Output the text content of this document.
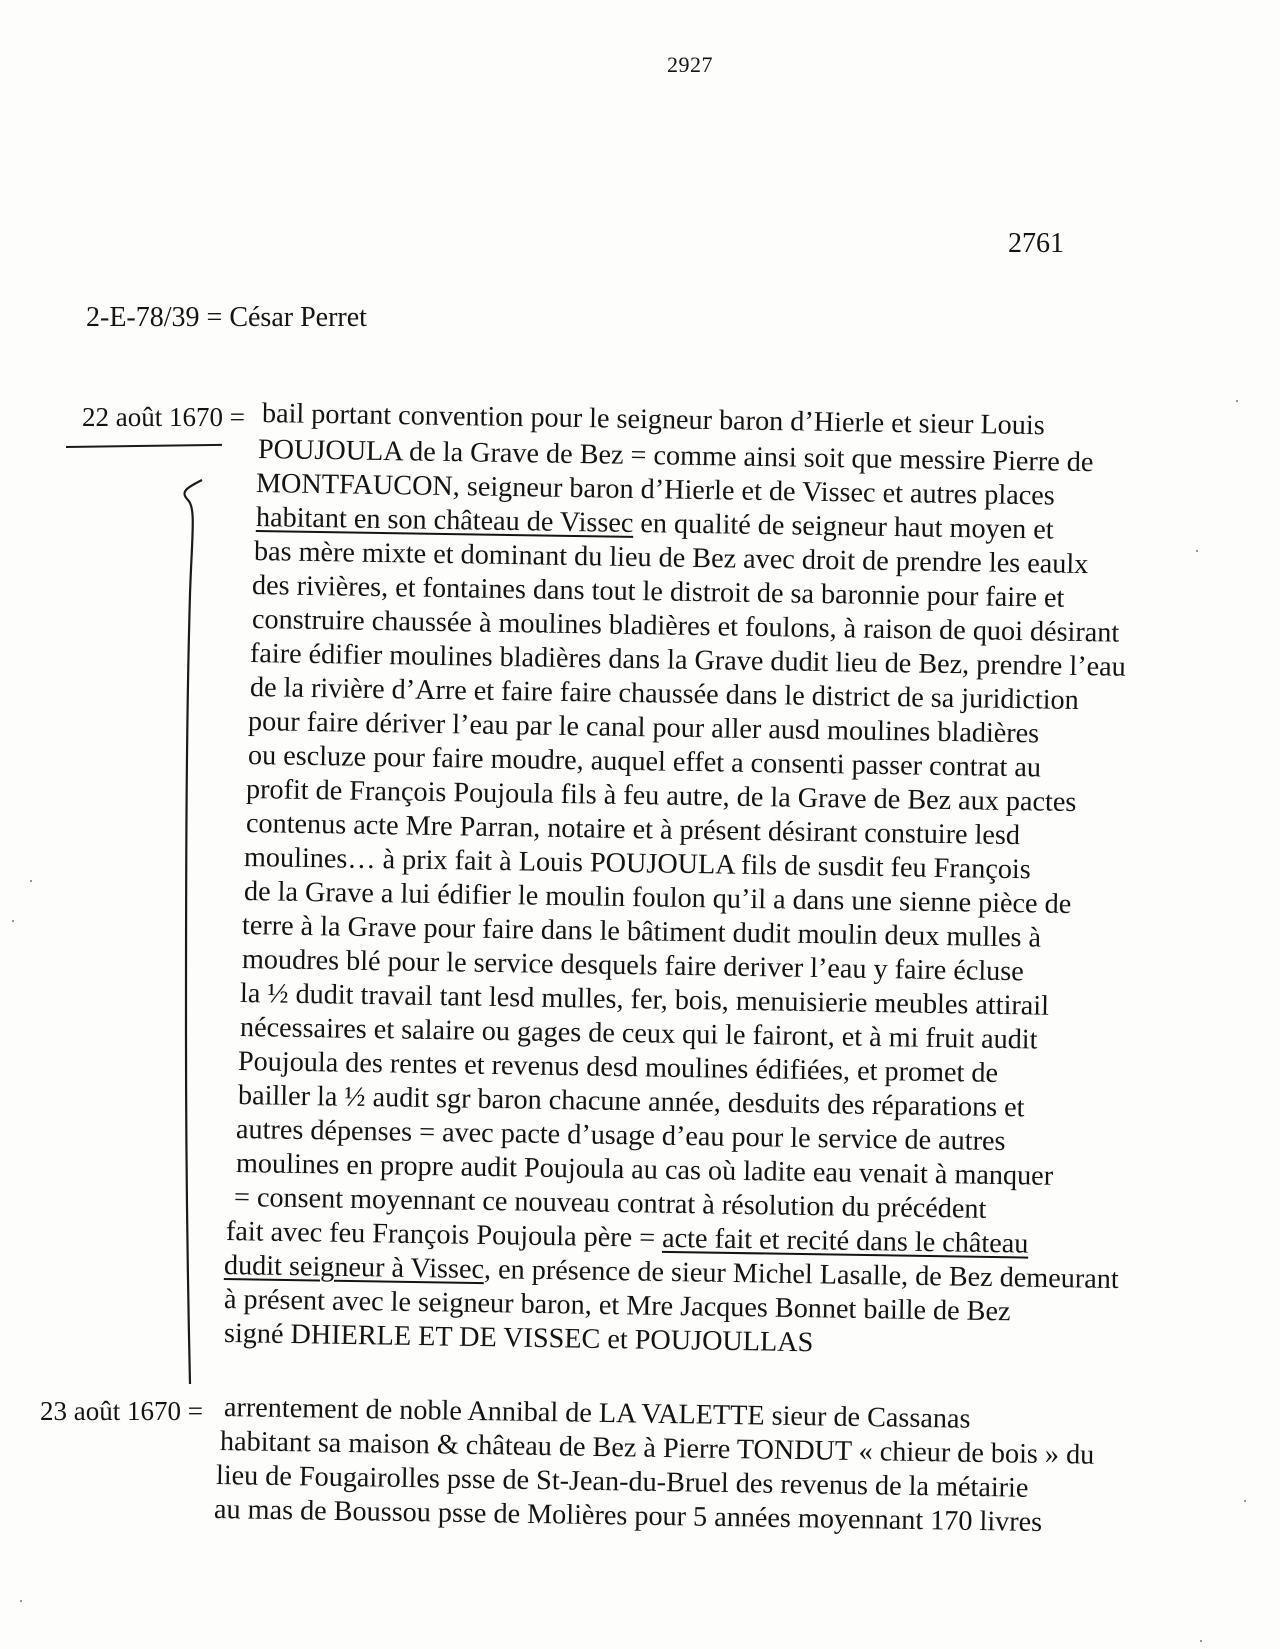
2927
2761
2-E-78/39 = César Perret
22 août 1670 = bail portant convention pour le seigneur baron d’Hierle et sieur Louis
POUJOULA de la Grave de Bez = comme ainsi soit que messire Pierre de
MONTFAUCON, seigneur baron d’Hierle et de Vissec et autres places
habitant en son château de Vissec en qualité de seigneur haut moyen et
bas mère mixte et dominant du lieu de Bez avec droit de prendre les eaulx
des rivières, et fontaines dans tout le distroit de sa baronnie pour faire et
construire chaussée à moulines bladières et foulons, à raison de quoi désirant
faire édifier moulines bladières dans la Grave dudit lieu de Bez, prendre l’eau
de la rivière d’Arre et faire faire chaussée dans le district de sa juridiction
pour faire dériver l’eau par le canal pour aller ausd moulines bladières
ou escluze pour faire moudre, auquel effet a consenti passer contrat au
profit de François Poujoula fils à feu autre, de la Grave de Bez aux pactes
contenus acte Mre Parran, notaire et à présent désirant constuire lesd
moulines… à prix fait à Louis POUJOULA fils de susdit feu François
de la Grave a lui édifier le moulin foulon qu’il a dans une sienne pièce de
terre à la Grave pour faire dans le bâtiment dudit moulin deux mulles à
moudres blé pour le service desquels faire deriver l’eau y faire écluse
la ½ dudit travail tant lesd mulles, fer, bois, menuisierie meubles attirail
nécessaires et salaire ou gages de ceux qui le fairont, et à mi fruit audit
Poujoula des rentes et revenus desd moulines édifiées, et promet de
bailler la ½ audit sgr baron chacune année, desduits des réparations et
autres dépenses = avec pacte d’usage d’eau pour le service de autres
moulines en propre audit Poujoula au cas où ladite eau venait à manquer
= consent moyennant ce nouveau contrat à résolution du précédent
fait avec feu François Poujoula père = acte fait et recité dans le château
dudit seigneur à Vissec, en présence de sieur Michel Lasalle, de Bez demeurant
à présent avec le seigneur baron, et Mre Jacques Bonnet baille de Bez
signé DHIERLE ET DE VISSEC et POUJOULLAS
23 août 1670 = arrentement de noble Annibal de LA VALETTE sieur de Cassanas
habitant sa maison & château de Bez à Pierre TONDUT « chieur de bois » du
lieu de Fougairolles psse de St-Jean-du-Bruel des revenus de la métairie
au mas de Boussou psse de Molières pour 5 années moyennant 170 livres
